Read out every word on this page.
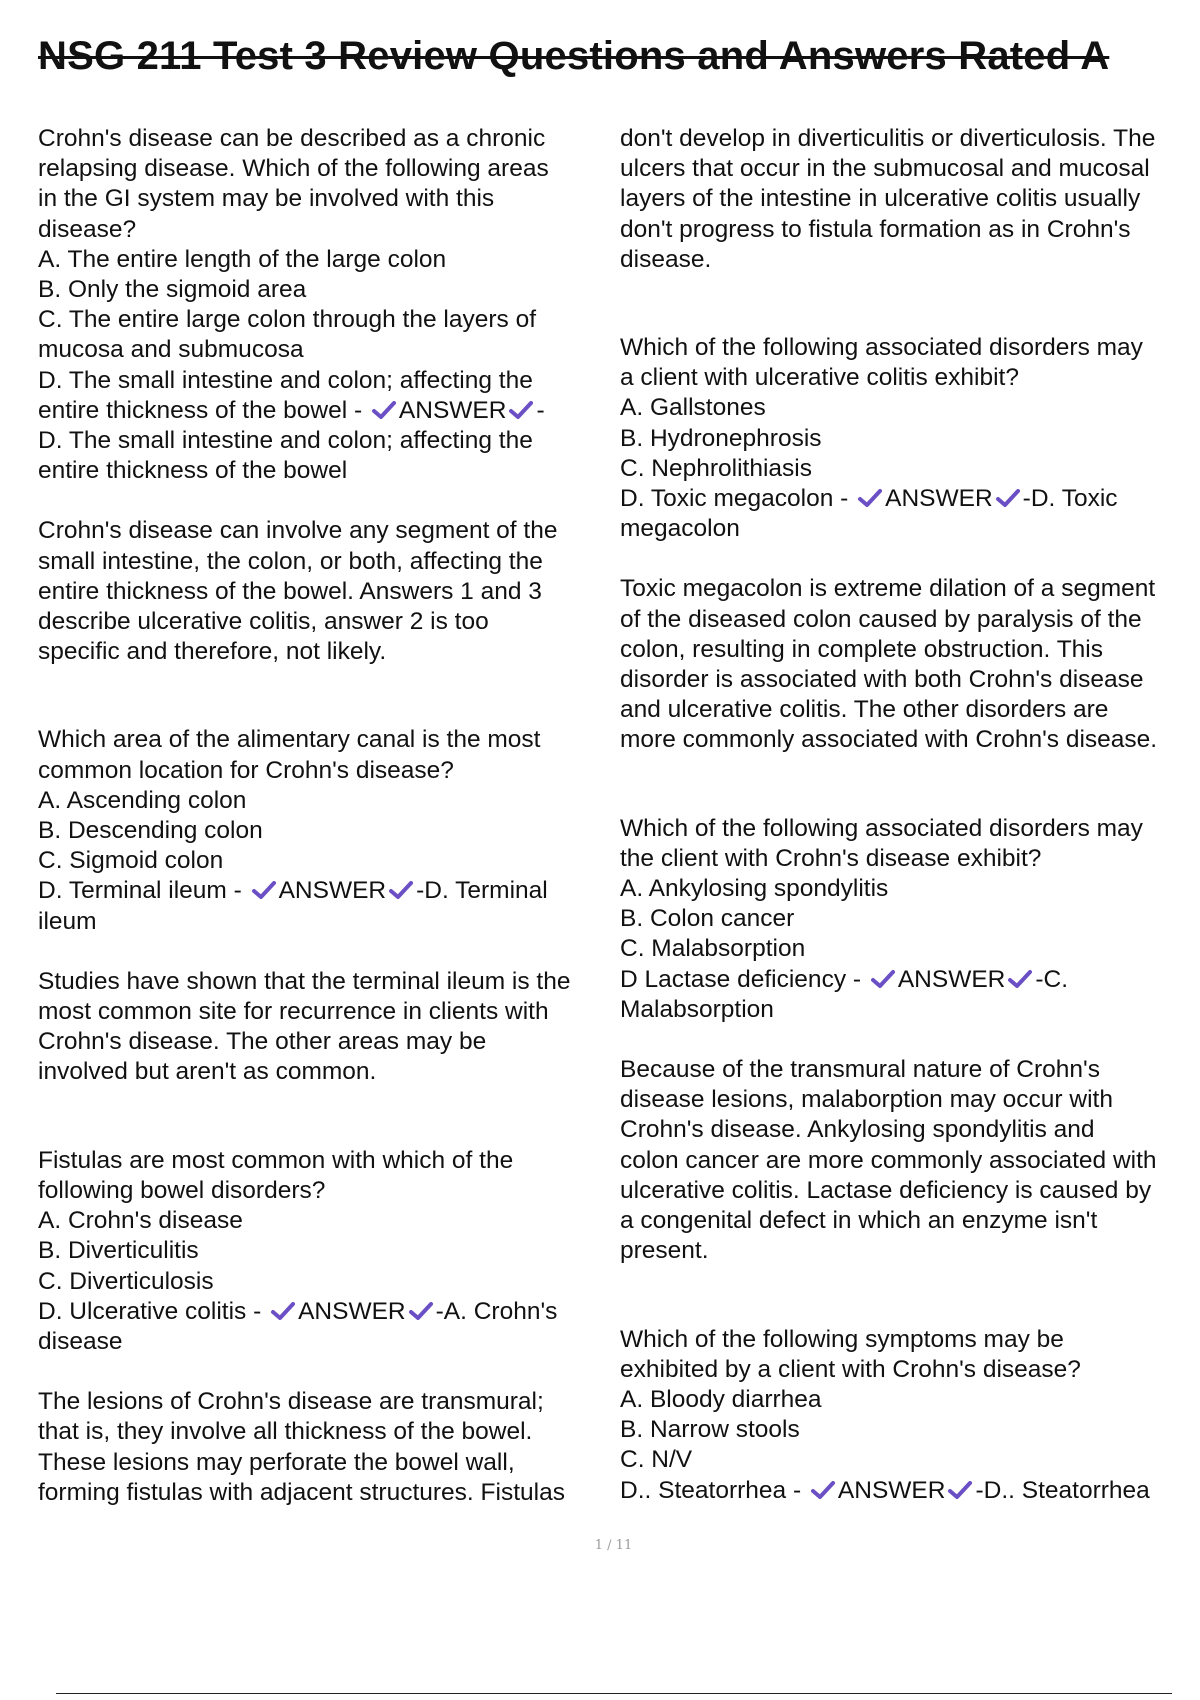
NSG 211 Test 3 Review Questions and Answers Rated A

Crohn's disease can be described as a chronic

relapsing disease. Which of the following areas

in the GI system may be involved with this

disease?

A. The entire length of the large colon

B. Only the sigmoid area

C. The entire large colon through the layers of

mucosa and submucosa

D. The small intestine and colon; affecting the

entire thickness of the bowel - ANSWER -

D. The small intestine and colon; affecting the

entire thickness of the bowel

Crohn's disease can involve any segment of the

small intestine, the colon, or both, affecting the

entire thickness of the bowel. Answers 1 and 3

describe ulcerative colitis, answer 2 is too

specific and therefore, not likely.

Which area of the alimentary canal is the most

common location for Crohn's disease?

A. Ascending colon

B. Descending colon

C. Sigmoid colon

D. Terminal ileum - ANSWER -D. Terminal

ileum

Studies have shown that the terminal ileum is the

most common site for recurrence in clients with

Crohn's disease. The other areas may be

involved but aren't as common.

Fistulas are most common with which of the

following bowel disorders?

A. Crohn's disease

B. Diverticulitis

C. Diverticulosis

D. Ulcerative colitis - ANSWER -A. Crohn's

disease

The lesions of Crohn's disease are transmural;

that is, they involve all thickness of the bowel.

These lesions may perforate the bowel wall,

forming fistulas with adjacent structures. Fistulas

don't develop in diverticulitis or diverticulosis. The

ulcers that occur in the submucosal and mucosal

layers of the intestine in ulcerative colitis usually

don't progress to fistula formation as in Crohn's

disease.

Which of the following associated disorders may

a client with ulcerative colitis exhibit?

A. Gallstones

B. Hydronephrosis

C. Nephrolithiasis

D. Toxic megacolon - ANSWER -D. Toxic

megacolon

Toxic megacolon is extreme dilation of a segment

of the diseased colon caused by paralysis of the

colon, resulting in complete obstruction. This

disorder is associated with both Crohn's disease

and ulcerative colitis. The other disorders are

more commonly associated with Crohn's disease.

Which of the following associated disorders may

the client with Crohn's disease exhibit?

A. Ankylosing spondylitis

B. Colon cancer

C. Malabsorption

D Lactase deficiency - ANSWER -C.

Malabsorption

Because of the transmural nature of Crohn's

disease lesions, malaborption may occur with

Crohn's disease. Ankylosing spondylitis and

colon cancer are more commonly associated with

ulcerative colitis. Lactase deficiency is caused by

a congenital defect in which an enzyme isn't

present.

Which of the following symptoms may be

exhibited by a client with Crohn's disease?

A. Bloody diarrhea

B. Narrow stools

C. N/V

D.. Steatorrhea - ANSWER -D.. Steatorrhea

1 / 11
